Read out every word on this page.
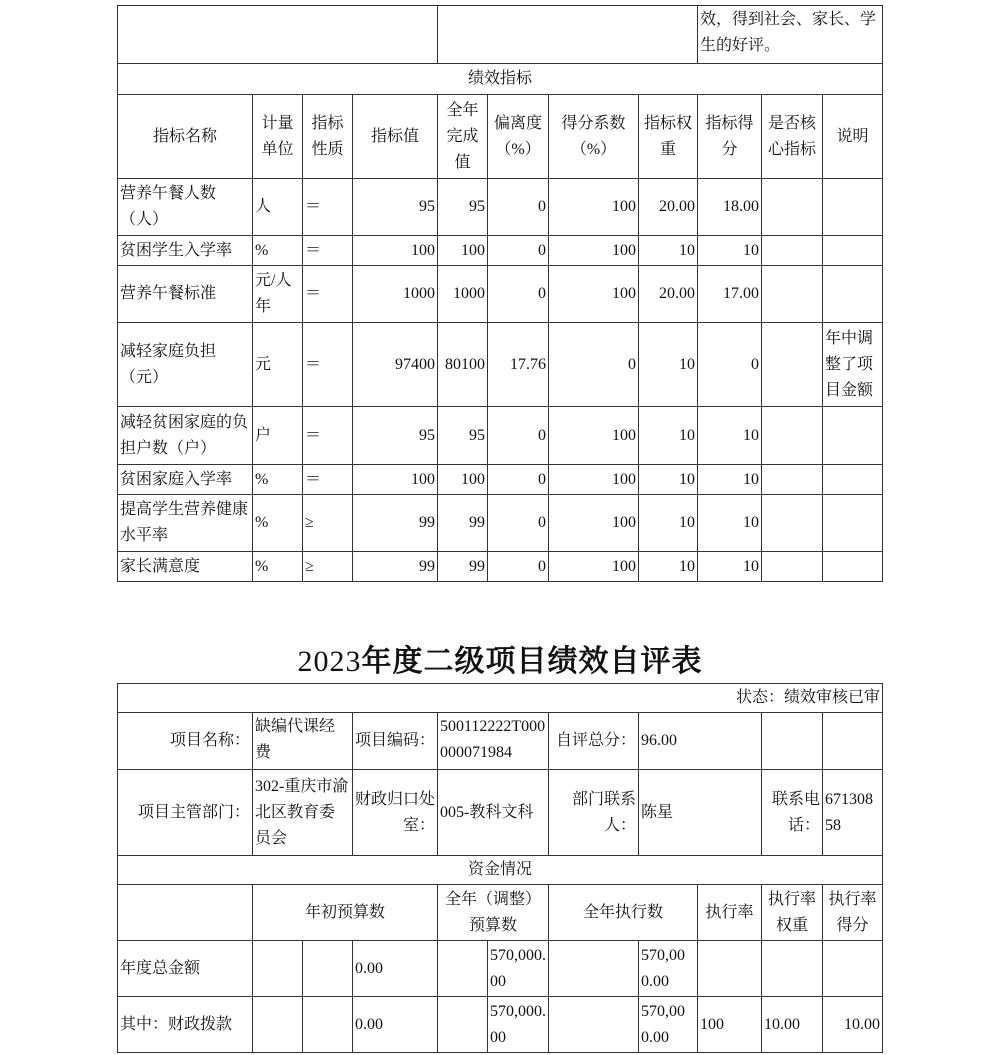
								效，得到社会、家长、学生的好评。		
绩效指标										
指标名称	计量单位	指标性质	指标值	全年完成值	偏离度（%）	得分系数（%）	指标权重	指标得分	是否核心指标	说明
营养午餐人数（人）	人	＝	95	95	0	100	20.00	18.00		
贫困学生入学率	%	＝	100	100	0	100	10	10		
营养午餐标准	元/人年	＝	1000	1000	0	100	20.00	17.00		
减轻家庭负担（元）	元	＝	97400	80100	17.76	0	10	0		年中调整了项目金额
减轻贫困家庭的负担户数（户）	户	＝	95	95	0	100	10	10		
贫困家庭入学率	%	＝	100	100	0	100	10	10		
提高学生营养健康水平率	%	≥	99	99	0	100	10	10		
家长满意度	%	≥	99	99	0	100	10	10		
2023年度二级项目绩效自评表
状态：绩效审核已审										
项目名称：	缺编代课经费		项目编码：	500112222T000000071984		自评总分：	96.00			
项目主管部门：	302-重庆市渝北区教育委员会		财政归口处室：	005-教科文科		部门联系人：	陈星		联系电话：	67130858
资金情况										
	年初预算数			全年（调整）预算数		全年执行数		执行率	执行率权重	执行率得分
年度总金额			0.00		570,000.00		570,000.00			
其中：财政拨款			0.00		570,000.00		570,000.00	100	10.00	10.00
